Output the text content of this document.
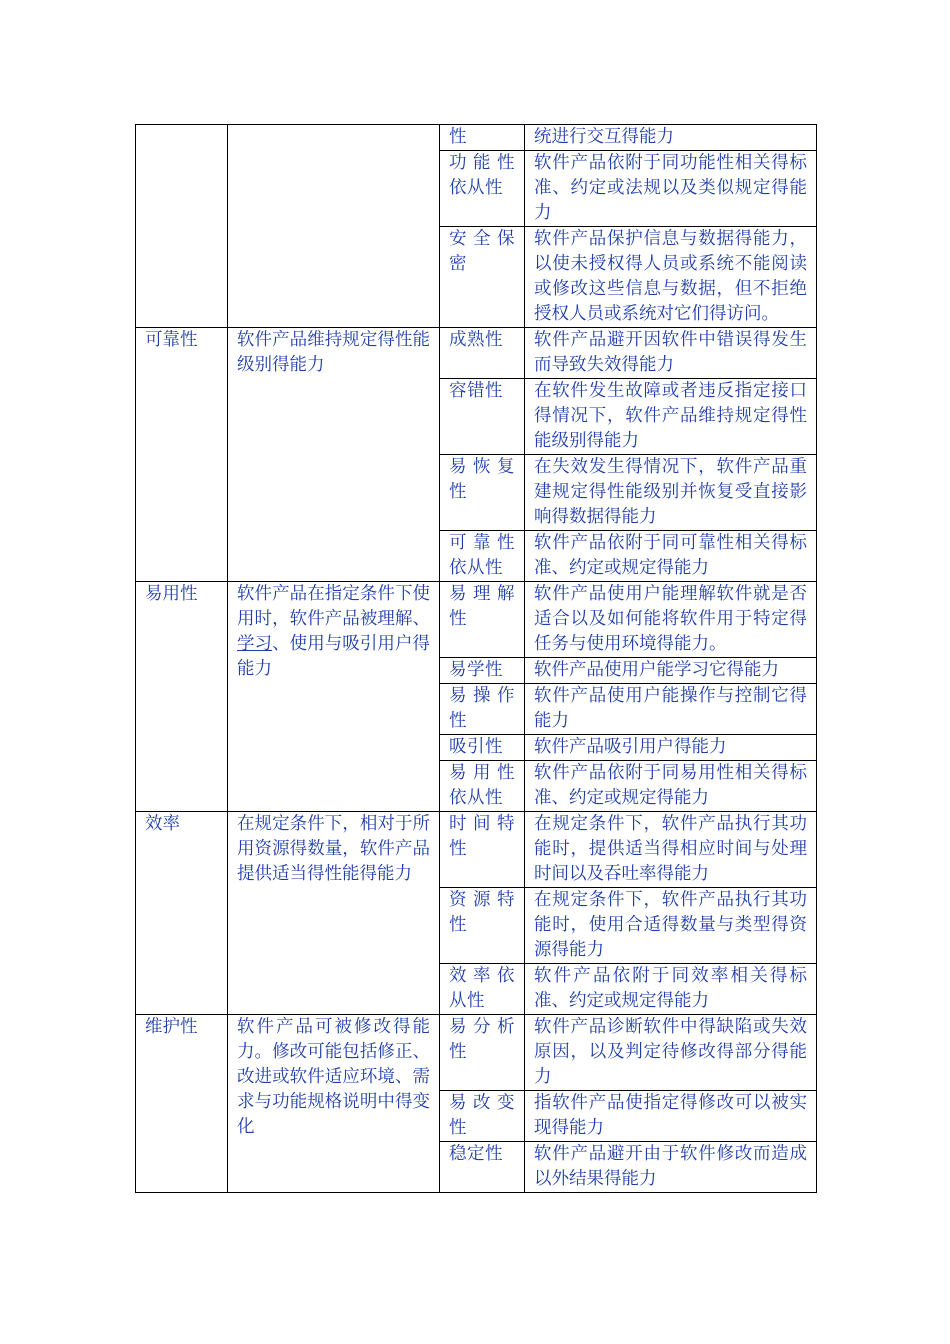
		性	统进行交互得能力
		功能性依从性	软件产品依附于同功能性相关得标准、约定或法规以及类似规定得能力
		安全保密	软件产品保护信息与数据得能力，以使未授权得人员或系统不能阅读或修改这些信息与数据，但不拒绝授权人员或系统对它们得访问。
可靠性	软件产品维持规定得性能级别得能力	成熟性	软件产品避开因软件中错误得发生而导致失效得能力
		容错性	在软件发生故障或者违反指定接口得情况下，软件产品维持规定得性能级别得能力
		易恢复性	在失效发生得情况下，软件产品重建规定得性能级别并恢复受直接影响得数据得能力
		可靠性依从性	软件产品依附于同可靠性相关得标准、约定或规定得能力
易用性	软件产品在指定条件下使用时，软件产品被理解、学习、使用与吸引用户得能力	易理解性	软件产品使用户能理解软件就是否适合以及如何能将软件用于特定得任务与使用环境得能力。
		易学性	软件产品使用户能学习它得能力
		易操作性	软件产品使用户能操作与控制它得能力
		吸引性	软件产品吸引用户得能力
		易用性依从性	软件产品依附于同易用性相关得标准、约定或规定得能力
效率	在规定条件下，相对于所用资源得数量，软件产品提供适当得性能得能力	时间特性	在规定条件下，软件产品执行其功能时，提供适当得相应时间与处理时间以及吞吐率得能力
		资源特性	在规定条件下，软件产品执行其功能时，使用合适得数量与类型得资源得能力
		效率依从性	软件产品依附于同效率相关得标准、约定或规定得能力
维护性	软件产品可被修改得能力。修改可能包括修正、改进或软件适应环境、需求与功能规格说明中得变化	易分析性	软件产品诊断软件中得缺陷或失效原因，以及判定待修改得部分得能力
		易改变性	指软件产品使指定得修改可以被实现得能力
		稳定性	软件产品避开由于软件修改而造成以外结果得能力
